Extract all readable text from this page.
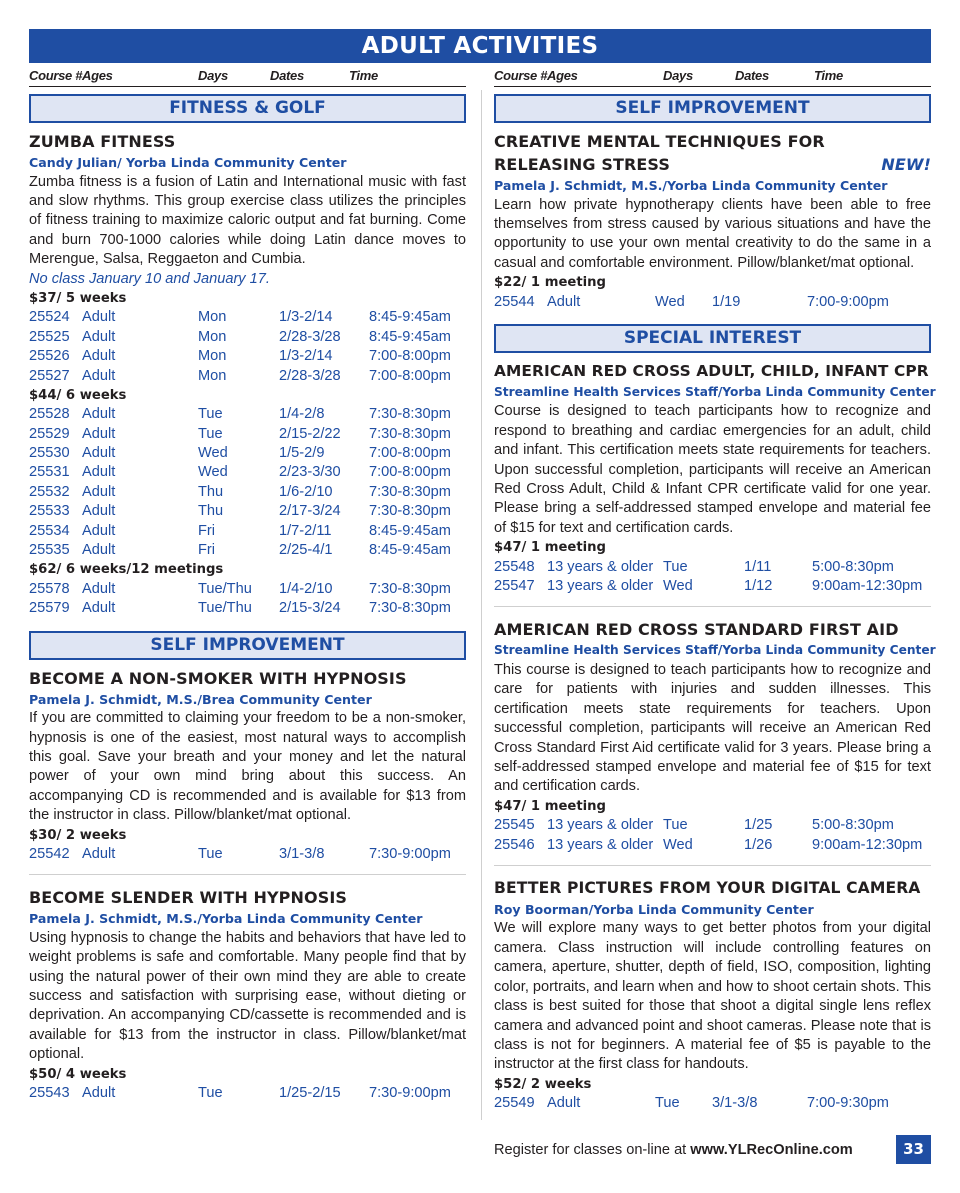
ADULT ACTIVITIES
Course # Ages	Days	Dates	Time	Course # Ages	Days	Dates	Time
FITNESS & GOLF
ZUMBA FITNESS
Candy Julian/ Yorba Linda Community Center
Zumba fitness is a fusion of Latin and International music with fast and slow rhythms. This group exercise class utilizes the principles of fitness training to maximize caloric output and fat burning. Come and burn 700-1000 calories while doing Latin dance moves to Merengue, Salsa, Reggaeton and Cumbia.
No class January 10 and January 17.
$37/ 5 weeks
25524 Adult	Mon	1/3-2/14 8:45-9:45am
25525 Adult	Mon	2/28-3/28 8:45-9:45am
25526 Adult	Mon	1/3-2/14 7:00-8:00pm
25527 Adult	Mon	2/28-3/28 7:00-8:00pm
$44/ 6 weeks
25528 Adult	Tue	1/4-2/8	7:30-8:30pm
25529 Adult	Tue	2/15-2/22 7:30-8:30pm
25530 Adult	Wed	1/5-2/9	7:00-8:00pm
25531 Adult	Wed	2/23-3/30 7:00-8:00pm
25532 Adult	Thu	1/6-2/10 7:30-8:30pm
25533 Adult	Thu	2/17-3/24 7:30-8:30pm
25534 Adult	Fri	1/7-2/11	8:45-9:45am
25535 Adult	Fri	2/25-4/1 8:45-9:45am
$62/ 6 weeks/12 meetings
25578 Adult	Tue/Thu 1/4-2/10 7:30-8:30pm
25579 Adult	Tue/Thu 2/15-3/24 7:30-8:30pm
SELF IMPROVEMENT
BECOME A NON-SMOKER WITH HYPNOSIS
Pamela J. Schmidt, M.S./Brea Community Center
If you are committed to claiming your freedom to be a non-smoker, hypnosis is one of the easiest, most natural ways to accomplish this goal. Save your breath and your money and let the natural power of your own mind bring about this success. An accompanying CD is recommended and is available for $13 from the instructor in class. Pillow/blanket/mat optional.
$30/ 2 weeks
25542 Adult	Tue	3/1-3/8	7:30-9:00pm
BECOME SLENDER WITH HYPNOSIS
Pamela J. Schmidt, M.S./Yorba Linda Community Center
Using hypnosis to change the habits and behaviors that have led to weight problems is safe and comfortable. Many people find that by using the natural power of their own mind they are able to create success and satisfaction with surprising ease, without dieting or deprivation. An accompanying CD/cassette is recommended and is available for $13 from the instructor in class. Pillow/blanket/mat optional.
$50/ 4 weeks
25543 Adult	Tue	1/25-2/15 7:30-9:00pm
SELF IMPROVEMENT
CREATIVE MENTAL TECHNIQUES FOR
RELEASING STRESS	NEW!
Pamela J. Schmidt, M.S./Yorba Linda Community Center
Learn how private hypnotherapy clients have been able to free themselves from stress caused by various situations and have the opportunity to use your own mental creativity to do the same in a casual and comfortable environment. Pillow/blanket/mat optional.
$22/ 1 meeting
25544 Adult	Wed 1/19	7:00-9:00pm
SPECIAL INTEREST
AMERICAN RED CROSS ADULT, CHILD, INFANT CPR
Streamline Health Services Staff/Yorba Linda Community Center
Course is designed to teach participants how to recognize and respond to breathing and cardiac emergencies for an adult, child and infant. This certification meets state requirements for teachers. Upon successful completion, participants will receive an American Red Cross Adult, Child & Infant CPR certificate valid for one year. Please bring a self-addressed stamped envelope and material fee of $15 for text and certification cards.
$47/ 1 meeting
25548 13 years & older Tue	1/11	5:00-8:30pm
25547 13 years & older Wed	1/12	9:00am-12:30pm
AMERICAN RED CROSS STANDARD FIRST AID
Streamline Health Services Staff/Yorba Linda Community Center
This course is designed to teach participants how to recognize and care for patients with injuries and sudden illnesses. This certification meets state requirements for teachers. Upon successful completion, participants will receive an American Red Cross Standard First Aid certificate valid for 3 years. Please bring a self-addressed stamped envelope and material fee of $15 for text and certification cards.
$47/ 1 meeting
25545 13 years & older Tue	1/25	5:00-8:30pm
25546 13 years & older Wed	1/26	9:00am-12:30pm
BETTER PICTURES FROM YOUR DIGITAL CAMERA
Roy Boorman/Yorba Linda Community Center
We will explore many ways to get better photos from your digital camera. Class instruction will include controlling features on camera, aperture, shutter, depth of field, ISO, composition, lighting color, portraits, and learn when and how to shoot certain shots. This class is best suited for those that shoot a digital single lens reflex camera and advanced point and shoot cameras. Please note that is class is not for beginners. A material fee of $5 is payable to the instructor at the first class for handouts.
$52/ 2 weeks
25549 Adult	Tue 3/1-3/8	7:00-9:30pm
Register for classes on-line at www.YLRecOnline.com	33
